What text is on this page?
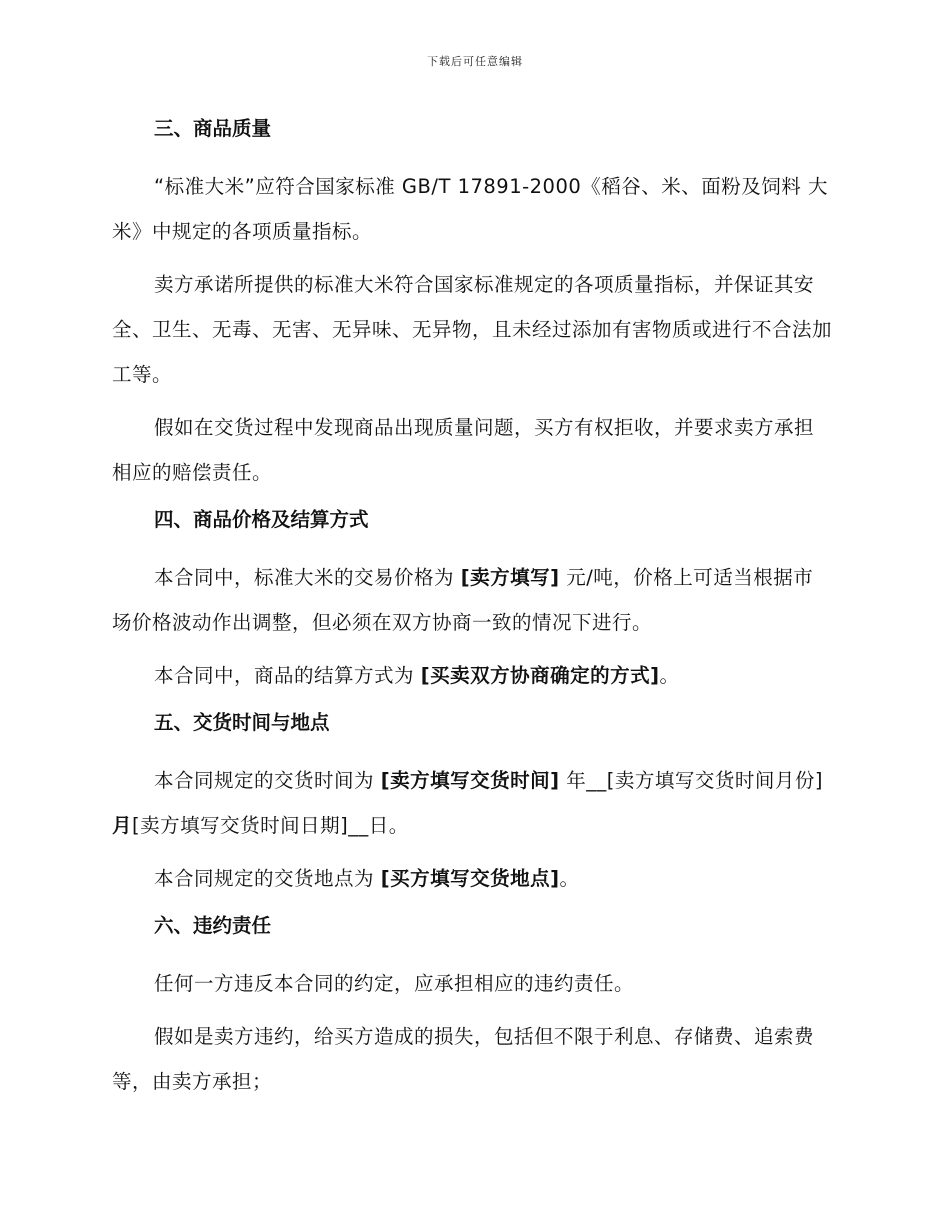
下载后可任意编辑
三、商品质量

“标准大米”应符合国家标准 GB/T 17891-2000《稻谷、米、面粉及饲料 大米》中规定的各项质量指标。

卖方承诺所提供的标准大米符合国家标准规定的各项质量指标，并保证其安全、卫生、无毒、无害、无异味、无异物，且未经过添加有害物质或进行不合法加工等。

假如在交货过程中发现商品出现质量问题，买方有权拒收，并要求卖方承担相应的赔偿责任。

四、商品价格及结算方式

本合同中，标准大米的交易价格为 [卖方填写] 元/吨，价格上可适当根据市场价格波动作出调整，但必须在双方协商一致的情况下进行。

本合同中，商品的结算方式为 [买卖双方协商确定的方式]。

五、交货时间与地点

本合同规定的交货时间为 [卖方填写交货时间] 年__[卖方填写交货时间月份]月[卖方填写交货时间日期]__日。

本合同规定的交货地点为 [买方填写交货地点]。

六、违约责任

任何一方违反本合同的约定，应承担相应的违约责任。

假如是卖方违约，给买方造成的损失，包括但不限于利息、存储费、追索费等，由卖方承担；
